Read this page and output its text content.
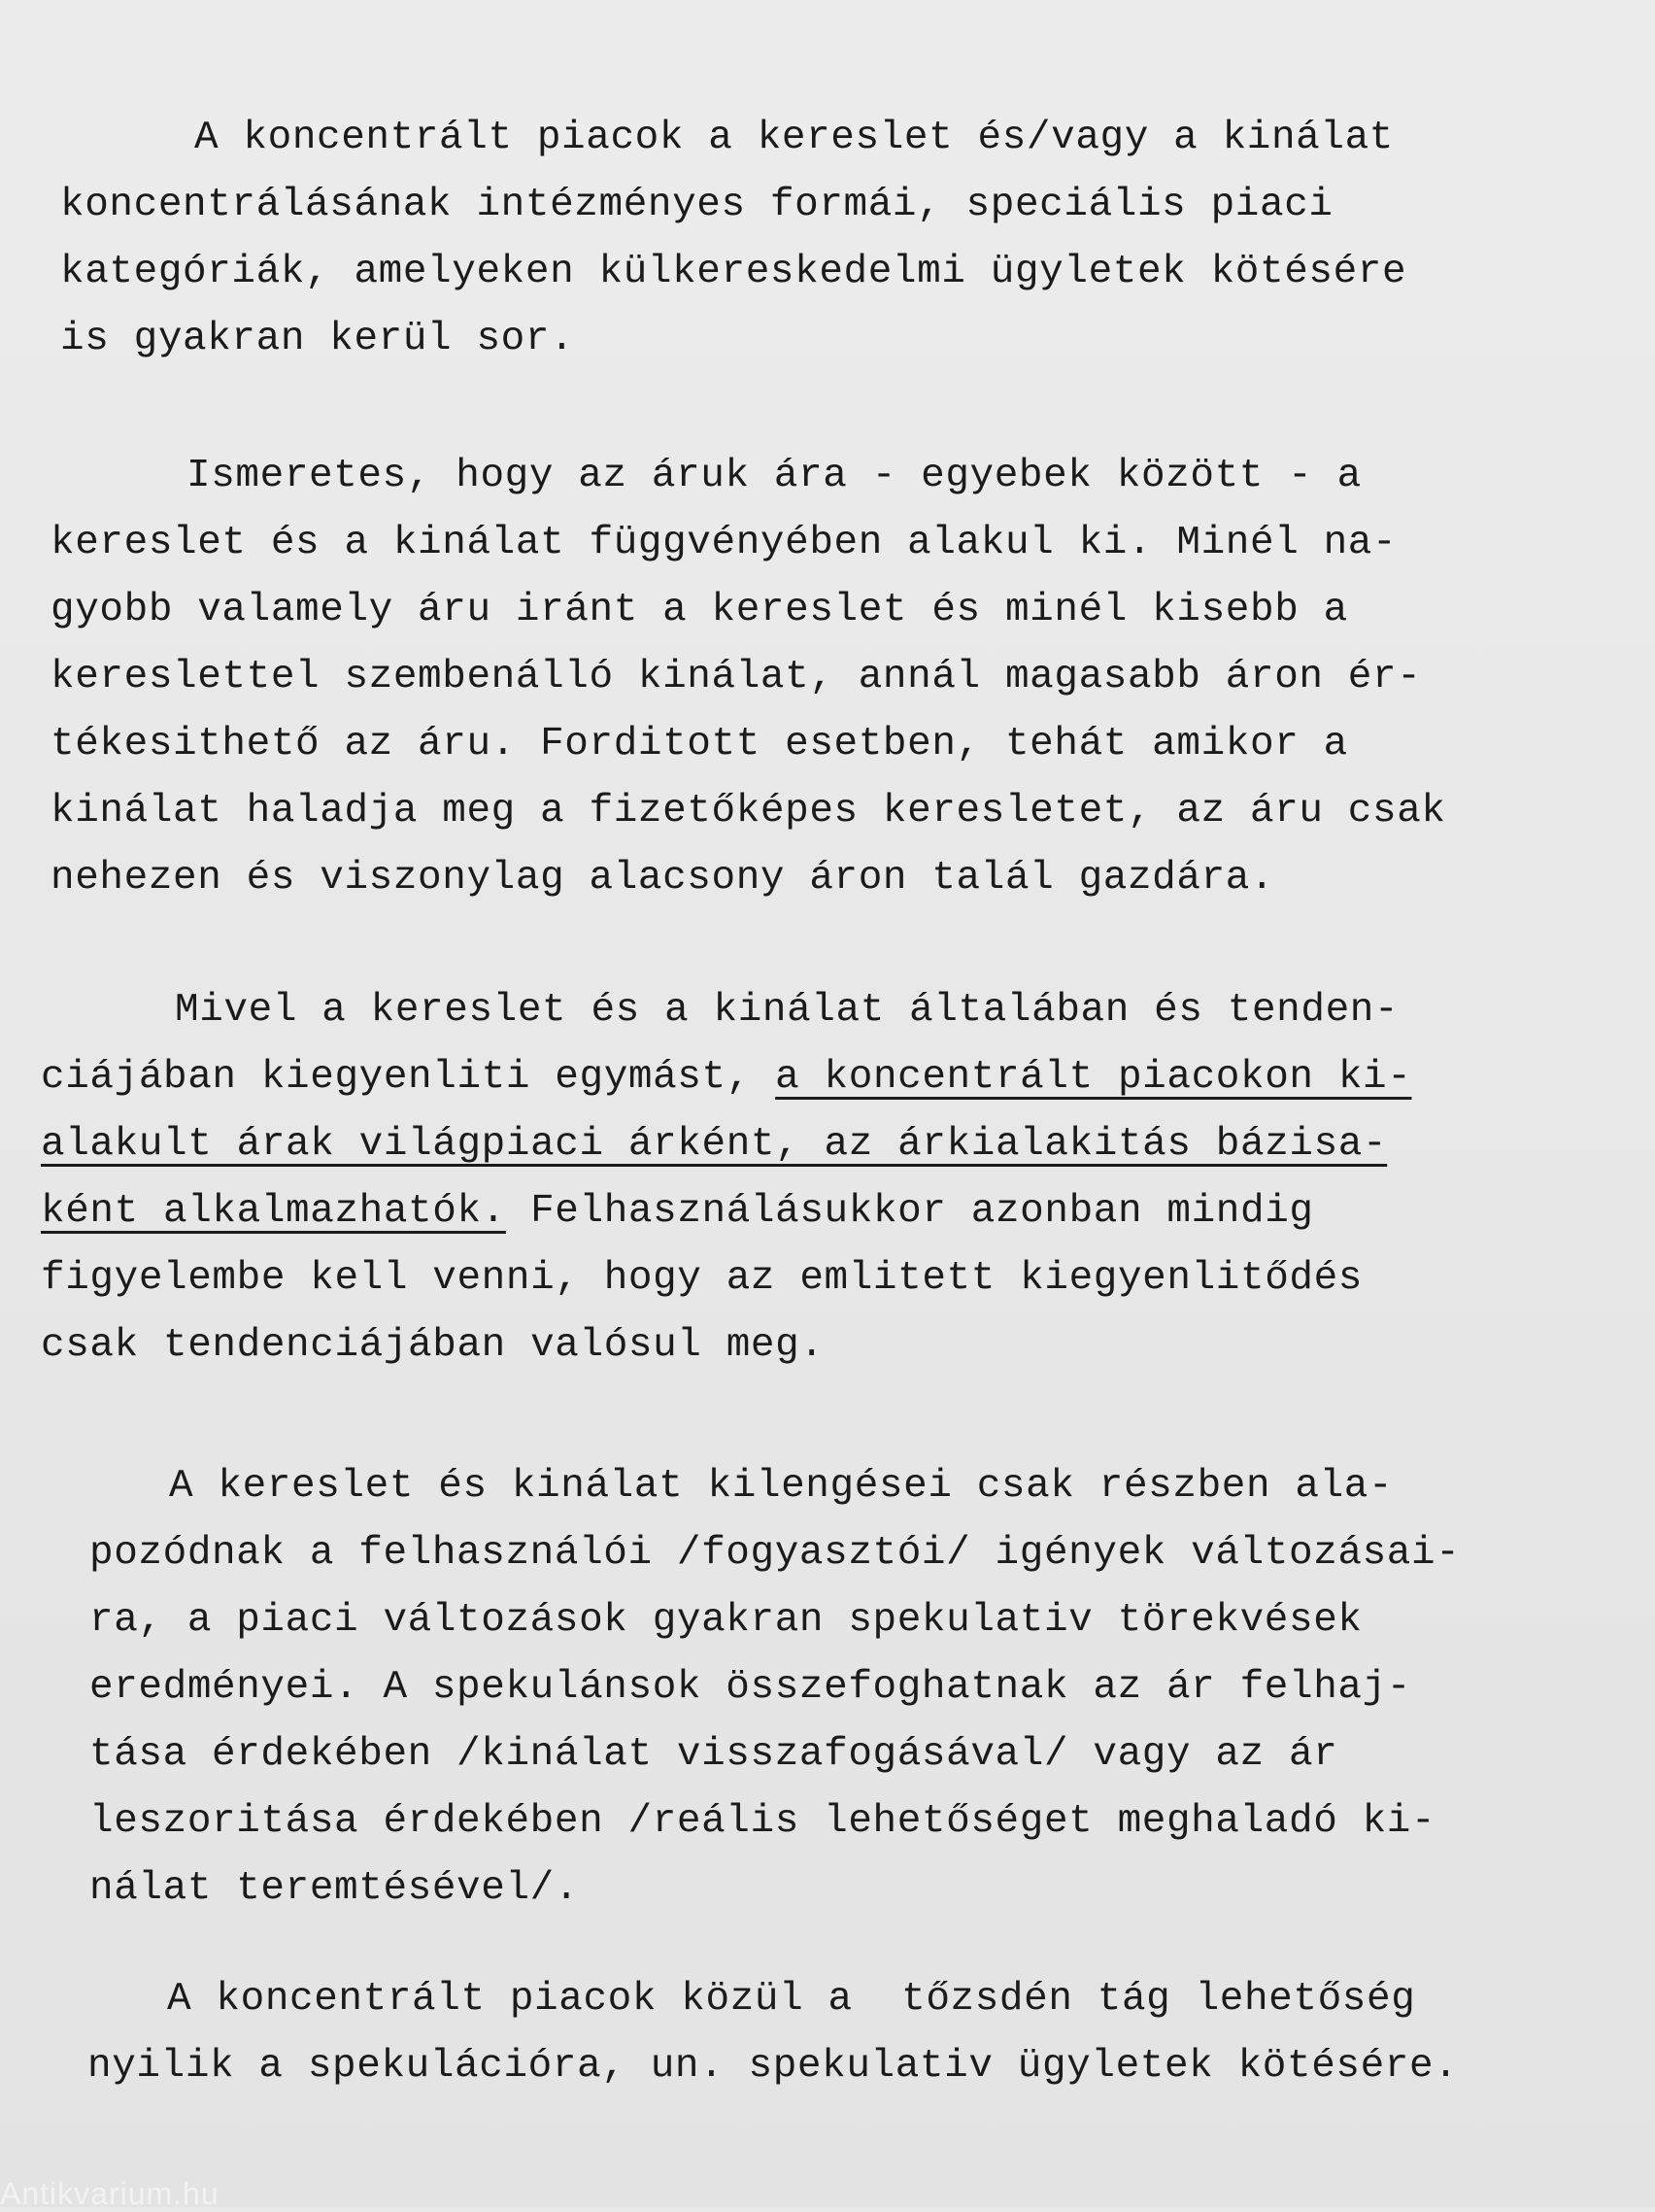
A koncentrált piacok a kereslet és/vagy a kinálat
koncentrálásának intézményes formái, speciális piaci
kategóriák, amelyeken külkereskedelmi ügyletek kötésére
is gyakran kerül sor.
Ismeretes, hogy az áruk ára - egyebek között - a
kereslet és a kinálat függvényében alakul ki. Minél na-
gyobb valamely áru iránt a kereslet és minél kisebb a
kereslettel szembenálló kinálat, annál magasabb áron ér-
tékesithető az áru. Forditott esetben, tehát amikor a
kinálat haladja meg a fizetőképes keresletet, az áru csak
nehezen és viszonylag alacsony áron talál gazdára.
Mivel a kereslet és a kinálat általában és tenden-
ciájában kiegyenliti egymást, a koncentrált piacokon ki-
alakult árak világpiaci árként, az árkialakitás bázisa-
ként alkalmazhatók. Felhasználásukkor azonban mindig
figyelembe kell venni, hogy az emlitett kiegyenlitődés
csak tendenciájában valósul meg.
A kereslet és kinálat kilengései csak részben ala-
pozódnak a felhasználói /fogyasztói/ igények változásai-
ra, a piaci változások gyakran spekulativ törekvések
eredményei. A spekulánsok összefoghatnak az ár felhaj-
tása érdekében /kinálat visszafogásával/ vagy az ár
leszoritása érdekében /reális lehetőséget meghaladó ki-
nálat teremtésével/.
A koncentrált piacok közül a  tőzsdén tág lehetőség
nyilik a spekulációra, un. spekulativ ügyletek kötésére.
Antikvarium.hu
